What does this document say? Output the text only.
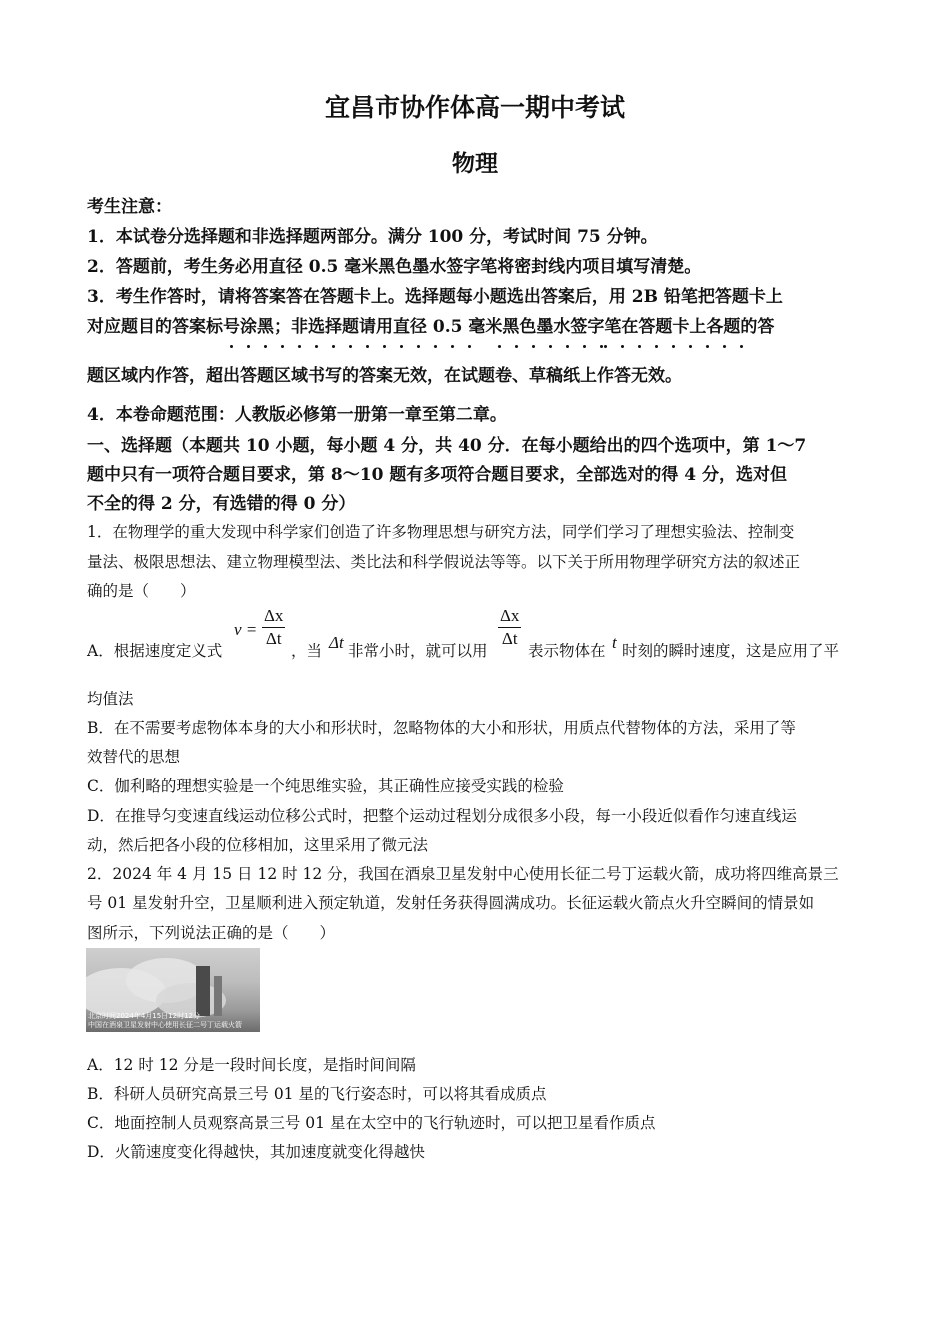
宜昌市协作体高一期中考试
物理
考生注意：
1．本试卷分选择题和非选择题两部分。满分 100 分，考试时间 75 分钟。
2．答题前，考生务必用直径 0.5 毫米黑色墨水签字笔将密封线内项目填写清楚。
3．考生作答时，请将答案答在答题卡上。选择题每小题选出答案后，用 2B 铅笔把答题卡上
对应题目的答案标号涂黑；非选择题请用直径 0.5 毫米黑色墨水签字笔在答题卡上各题的答
题区域内作答，超出答题区域书写的答案无效，在试题卷、草稿纸上作答无效。
4．本卷命题范围：人教版必修第一册第一章至第二章。
一、选择题（本题共 10 小题，每小题 4 分，共 40 分．在每小题给出的四个选项中，第 1～7
题中只有一项符合题目要求，第 8～10 题有多项符合题目要求，全部选对的得 4 分，选对但
不全的得 2 分，有选错的得 0 分）
1．在物理学的重大发现中科学家们创造了许多物理思想与研究方法，同学们学习了理想实验法、控制变
量法、极限思想法、建立物理模型法、类比法和科学假说法等等。以下关于所用物理学研究方法的叙述正
确的是（　　）
A．根据速度定义式
v =
Δx
Δt
，当 Δt 非常小时，就可以用
Δx
Δt
表示物体在 t 时刻的瞬时速度，这是应用了平
均值法
B．在不需要考虑物体本身的大小和形状时，忽略物体的大小和形状，用质点代替物体的方法，采用了等
效替代的思想
C．伽利略的理想实验是一个纯思维实验，其正确性应接受实践的检验
D．在推导匀变速直线运动位移公式时，把整个运动过程划分成很多小段，每一小段近似看作匀速直线运
动，然后把各小段的位移相加，这里采用了微元法
2．2024 年 4 月 15 日 12 时 12 分，我国在酒泉卫星发射中心使用长征二号丁运载火箭，成功将四维高景三
号 01 星发射升空，卫星顺利进入预定轨道，发射任务获得圆满成功。长征运载火箭点火升空瞬间的情景如
图所示，下列说法正确的是（　　）
北京时间2024年4月15日12时12分
中国在酒泉卫星发射中心使用长征二号丁运载火箭
A．12 时 12 分是一段时间长度，是指时间间隔
B．科研人员研究高景三号 01 星的飞行姿态时，可以将其看成质点
C．地面控制人员观察高景三号 01 星在太空中的飞行轨迹时，可以把卫星看作质点
D．火箭速度变化得越快，其加速度就变化得越快
